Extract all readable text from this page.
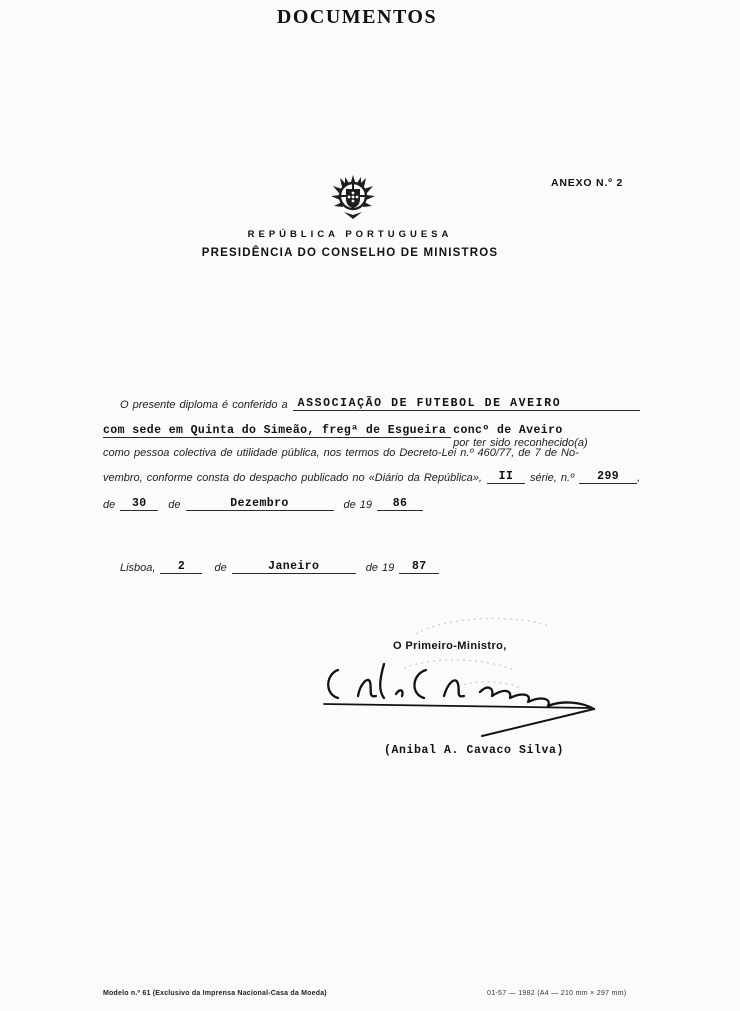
DOCUMENTOS
ANEXO N.º 2
REPÚBLICA PORTUGUESA
PRESIDÊNCIA DO CONSELHO DE MINISTROS
O presente diploma é conferido a ASSOCIAÇÃO DE FUTEBOL DE AVEIRO
com sede em Quinta do Simeão, fregª de Esgueira concº de Aveiro
por ter sido reconhecido(a)
como pessoa colectiva de utilidade pública, nos termos do Decreto-Lei n.º 460/77, de 7 de No-
vembro, conforme consta do despacho publicado no «Diário da República»,	II	série, n.º	299	,
de	30	de	Dezembro	de 19	86
Lisboa,	2	de	Janeiro	de 19	87
O Primeiro-Ministro,
(Anibal A. Cavaco Silva)
Modelo n.º 61 (Exclusivo da Imprensa Nacional-Casa da Moeda)	01-57 — 1982 (A4 — 210 mm × 297 mm)
